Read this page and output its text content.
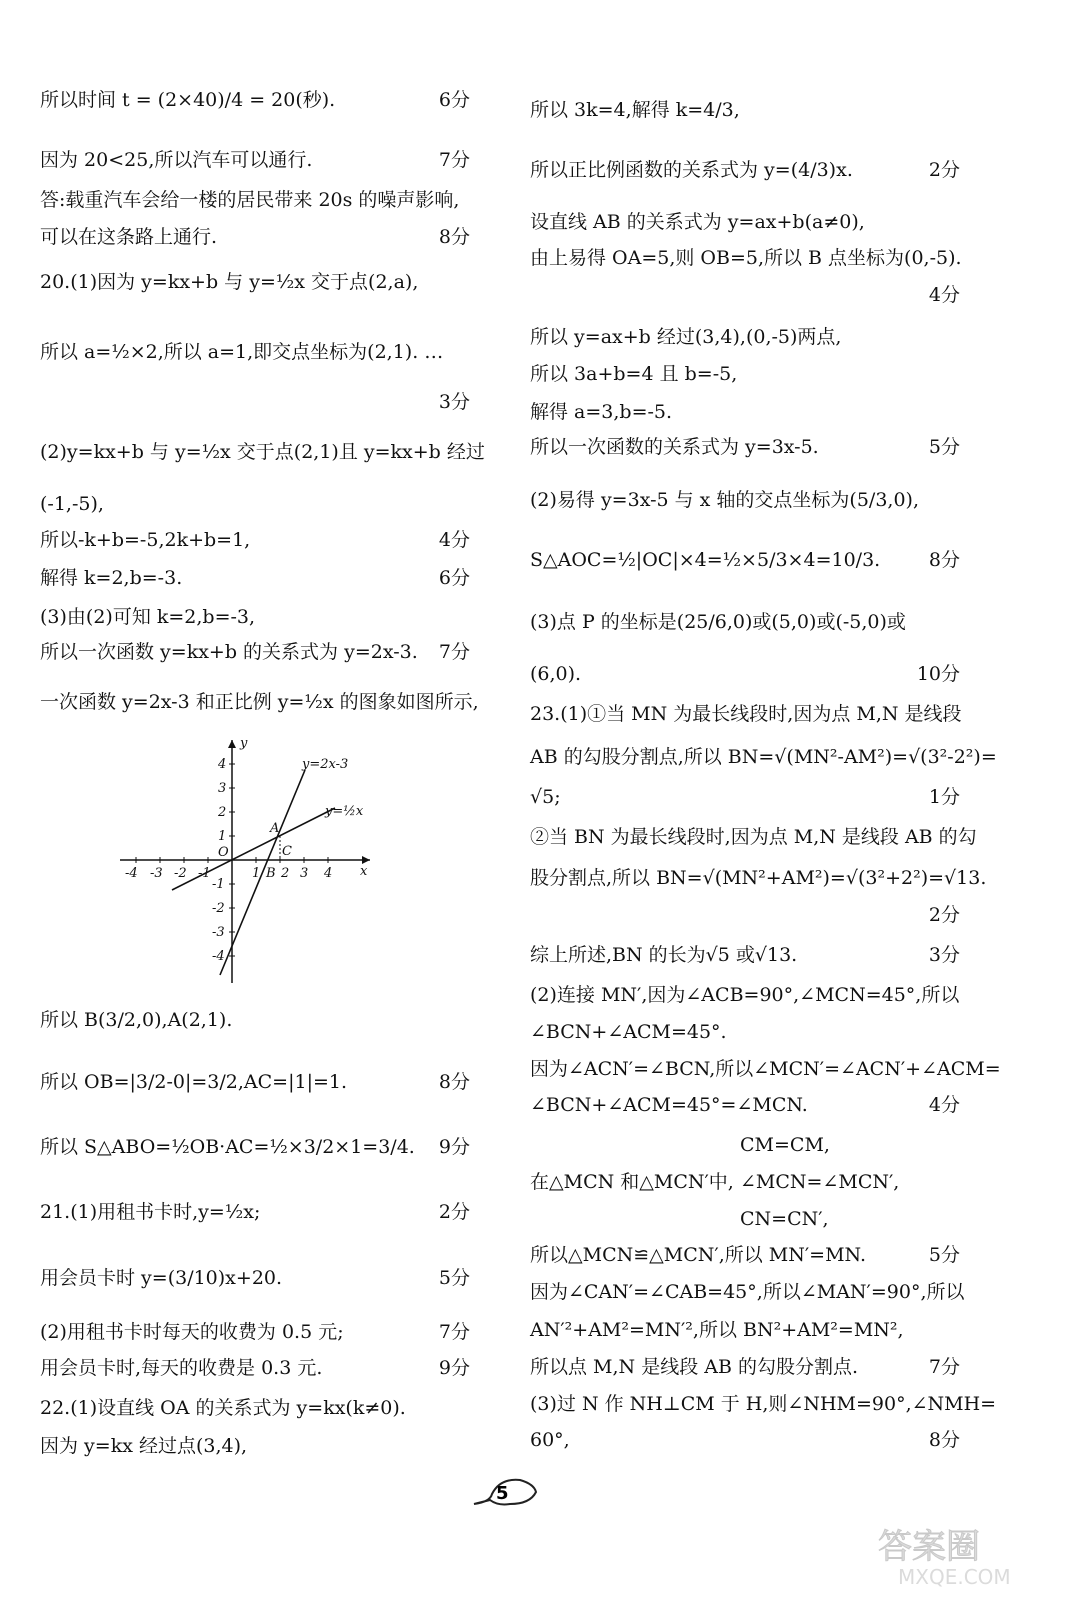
所以时间 t = (2×40)/4 = 20(秒).	6分
因为 20<25,所以汽车可以通行.	7分
答:载重汽车会给一楼的居民带来 20s 的噪声影响,
可以在这条路上通行.	8分
20.(1)因为 y=kx+b 与 y=½x 交于点(2,a),
所以 a=½×2,所以 a=1,即交点坐标为(2,1). …
3分
(2)y=kx+b 与 y=½x 交于点(2,1)且 y=kx+b 经过
(-1,-5),
所以-k+b=-5,2k+b=1,	4分
解得 k=2,b=-3.	6分
(3)由(2)可知 k=2,b=-3,
所以一次函数 y=kx+b 的关系式为 y=2x-3.	7分
一次函数 y=2x-3 和正比例 y=½x 的图象如图所示,
所以 B(3/2,0),A(2,1).
所以 OB=|3/2-0|=3/2,AC=|1|=1.	8分
所以 S△ABO=½OB·AC=½×3/2×1=3/4.	9分
21.(1)用租书卡时,y=½x;	2分
用会员卡时 y=(3/10)x+20.	5分
(2)用租书卡时每天的收费为 0.5 元;	7分
用会员卡时,每天的收费是 0.3 元.	9分
22.(1)设直线 OA 的关系式为 y=kx(k≠0).
因为 y=kx 经过点(3,4),
所以 3k=4,解得 k=4/3,
所以正比例函数的关系式为 y=(4/3)x.	2分
设直线 AB 的关系式为 y=ax+b(a≠0),
由上易得 OA=5,则 OB=5,所以 B 点坐标为(0,-5).
4分
所以 y=ax+b 经过(3,4),(0,-5)两点,
所以 3a+b=4 且 b=-5,
解得 a=3,b=-5.
所以一次函数的关系式为 y=3x-5.	5分
(2)易得 y=3x-5 与 x 轴的交点坐标为(5/3,0),
S△AOC=½|OC|×4=½×5/3×4=10/3.	8分
(3)点 P 的坐标是(25/6,0)或(5,0)或(-5,0)或
(6,0).	10分
23.(1)①当 MN 为最长线段时,因为点 M,N 是线段
AB 的勾股分割点,所以 BN=√(MN²-AM²)=√(3²-2²)=
√5;	1分
②当 BN 为最长线段时,因为点 M,N 是线段 AB 的勾
股分割点,所以 BN=√(MN²+AM²)=√(3²+2²)=√13.
2分
综上所述,BN 的长为√5 或√13.	3分
(2)连接 MN′,因为∠ACB=90°,∠MCN=45°,所以
∠BCN+∠ACM=45°.
因为∠ACN′=∠BCN,所以∠MCN′=∠ACN′+∠ACM=
∠BCN+∠ACM=45°=∠MCN.	4分
CM=CM,
在△MCN 和△MCN′中, ∠MCN=∠MCN′,
CN=CN′,
所以△MCN≌△MCN′,所以 MN′=MN.	5分
因为∠CAN′=∠CAB=45°,所以∠MAN′=90°,所以
AN′²+AM²=MN′²,所以 BN²+AM²=MN²,
所以点 M,N 是线段 AB 的勾股分割点.	7分
(3)过 N 作 NH⊥CM 于 H,则∠NHM=90°,∠NMH=
60°,	8分
-4 -3 -2 -1	1 2 3 4
4
3
2
1
-1
-2
-3
-4
x
y
O
A
B
C
y=2x-3
y=½x
5
答案圈
MXQE.COM
